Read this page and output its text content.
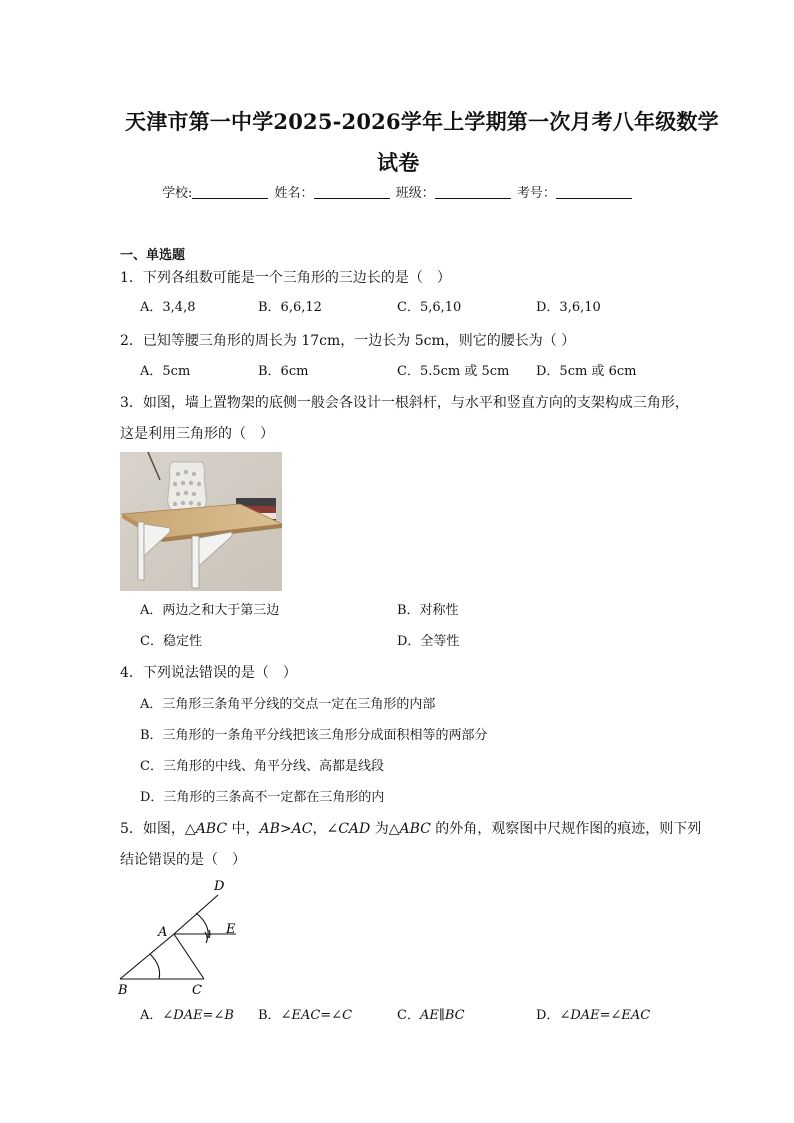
天津市第一中学2025-2026学年上学期第一次月考八年级数学
试卷
学校:	姓名：	班级：	考号：
一、单选题
1．下列各组数可能是一个三角形的三边长的是（　）
A．3,4,8	B．6,6,12	C．5,6,10	D．3,6,10
2．已知等腰三角形的周长为 17cm，一边长为 5cm，则它的腰长为（ ）
A．5cm	B．6cm	C．5.5cm 或 5cm D．5cm 或 6cm
3．如图，墙上置物架的底侧一般会各设计一根斜杆，与水平和竖直方向的支架构成三角形，
这是利用三角形的（　）
A．两边之和大于第三边	B．对称性
C．稳定性	D．全等性
4．下列说法错误的是（　）
A．三角形三条角平分线的交点一定在三角形的内部
B．三角形的一条角平分线把该三角形分成面积相等的两部分
C．三角形的中线、角平分线、高都是线段
D．三角形的三条高不一定都在三角形的内
5．如图，△ABC 中，AB>AC，∠CAD 为△ABC 的外角，观察图中尺规作图的痕迹，则下列
结论错误的是（　）
D
A	E
B	C
A．∠DAE=∠B B．∠EAC=∠C	C．AE∥BC	D．∠DAE=∠EAC
